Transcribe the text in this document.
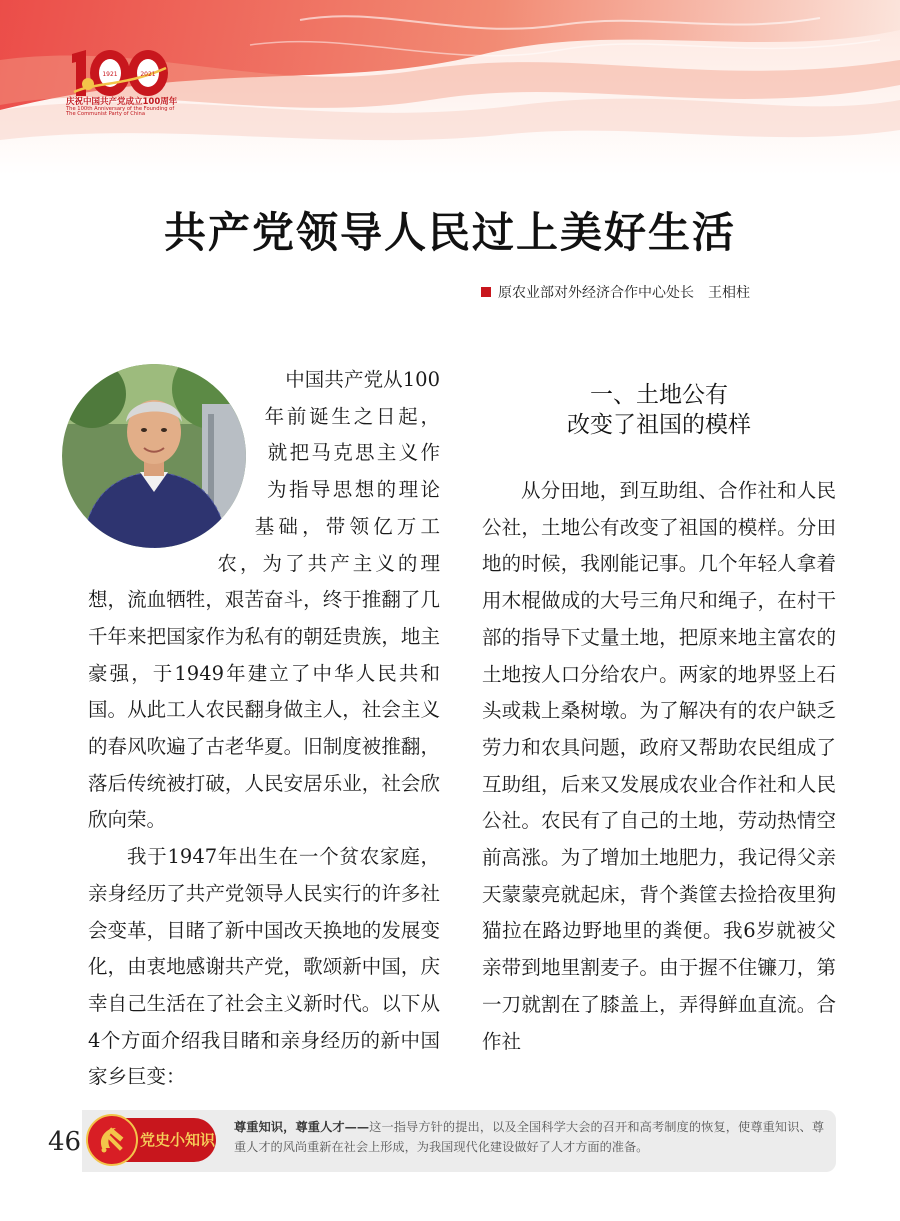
1921	2021
庆祝中国共产党成立100周年
The 100th Anniversary of the Founding of
The Communist Party of China
共产党领导人民过上美好生活
原农业部对外经济合作中心处长　王相柱

中国共产党从100年前诞生之日起，就把马克思主义作为指导思想的理论基础，带领亿万工农，为了共产主义的理想，流血牺牲，艰苦奋斗，终于推翻了几千年来把国家作为私有的朝廷贵族，地主豪强，于1949年建立了中华人民共和国。从此工人农民翻身做主人，社会主义的春风吹遍了古老华夏。旧制度被推翻，落后传统被打破，人民安居乐业，社会欣欣向荣。

我于1947年出生在一个贫农家庭，亲身经历了共产党领导人民实行的许多社会变革，目睹了新中国改天换地的发展变化，由衷地感谢共产党，歌颂新中国，庆幸自己生活在了社会主义新时代。以下从4个方面介绍我目睹和亲身经历的新中国家乡巨变：

一、土地公有
改变了祖国的模样

从分田地，到互助组、合作社和人民公社，土地公有改变了祖国的模样。分田地的时候，我刚能记事。几个年轻人拿着用木棍做成的大号三角尺和绳子，在村干部的指导下丈量土地，把原来地主富农的土地按人口分给农户。两家的地界竖上石头或栽上桑树墩。为了解决有的农户缺乏劳力和农具问题，政府又帮助农民组成了互助组，后来又发展成农业合作社和人民公社。农民有了自己的土地，劳动热情空前高涨。为了增加土地肥力，我记得父亲天蒙蒙亮就起床，背个粪筐去捡拾夜里狗猫拉在路边野地里的粪便。我6岁就被父亲带到地里割麦子。由于握不住镰刀，第一刀就割在了膝盖上，弄得鲜血直流。合作社

46	党史小知识
尊重知识，尊重人才——这一指导方针的提出，以及全国科学大会的召开和高考制度的恢复，使尊重知识、尊重人才的风尚重新在社会上形成，为我国现代化建设做好了人才方面的准备。
